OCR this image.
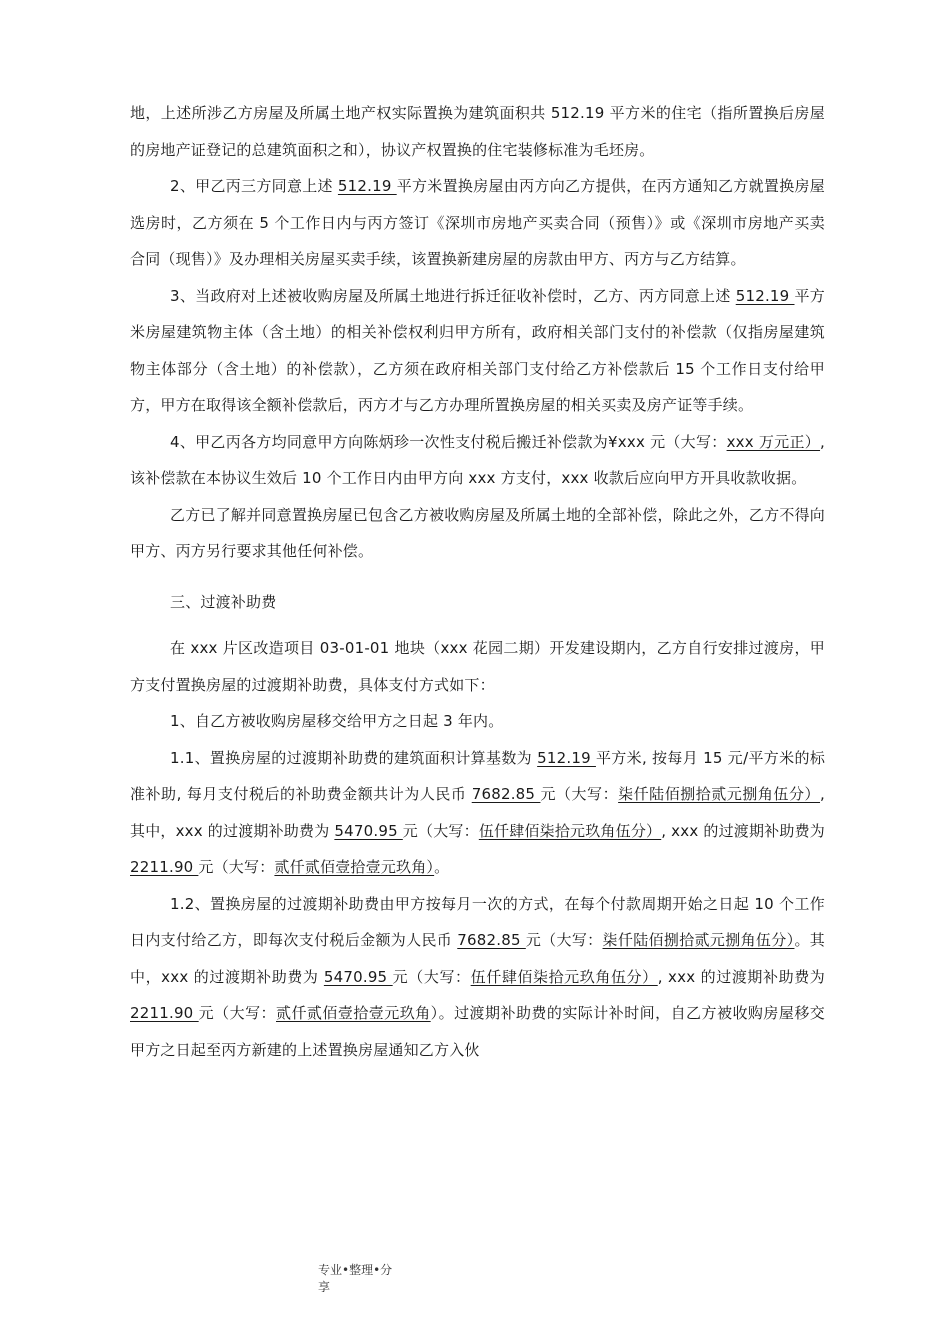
地，上述所涉乙方房屋及所属土地产权实际置换为建筑面积共 512.19 平方米的住宅（指所置换后房屋的房地产证登记的总建筑面积之和），协议产权置换的住宅装修标准为毛坯房。

2、甲乙丙三方同意上述 512.19 平方米置换房屋由丙方向乙方提供，在丙方通知乙方就置换房屋选房时，乙方须在 5 个工作日内与丙方签订《深圳市房地产买卖合同（预售）》或《深圳市房地产买卖合同（现售）》及办理相关房屋买卖手续，该置换新建房屋的房款由甲方、丙方与乙方结算。

3、当政府对上述被收购房屋及所属土地进行拆迁征收补偿时，乙方、丙方同意上述 512.19 平方米房屋建筑物主体（含土地）的相关补偿权利归甲方所有，政府相关部门支付的补偿款（仅指房屋建筑物主体部分（含土地）的补偿款），乙方须在政府相关部门支付给乙方补偿款后 15 个工作日支付给甲方，甲方在取得该全额补偿款后，丙方才与乙方办理所置换房屋的相关买卖及房产证等手续。

4、甲乙丙各方均同意甲方向陈炳珍一次性支付税后搬迁补偿款为¥xxx 元（大写：xxx 万元正）, 该补偿款在本协议生效后 10 个工作日内由甲方向 xxx 方支付，xxx 收款后应向甲方开具收款收据。

乙方已了解并同意置换房屋已包含乙方被收购房屋及所属土地的全部补偿，除此之外，乙方不得向甲方、丙方另行要求其他任何补偿。

三、过渡补助费

在 xxx 片区改造项目 03-01-01 地块（xxx 花园二期）开发建设期内，乙方自行安排过渡房，甲方支付置换房屋的过渡期补助费，具体支付方式如下：

1、自乙方被收购房屋移交给甲方之日起 3 年内。

1.1、置换房屋的过渡期补助费的建筑面积计算基数为 512.19 平方米, 按每月 15 元/平方米的标准补助, 每月支付税后的补助费金额共计为人民币 7682.85 元（大写：柒仟陆佰捌拾贰元捌角伍分）, 其中，xxx 的过渡期补助费为 5470.95 元（大写：伍仟肆佰柒拾元玖角伍分）, xxx 的过渡期补助费为 2211.90 元（大写：贰仟贰佰壹拾壹元玖角）。

1.2、置换房屋的过渡期补助费由甲方按每月一次的方式，在每个付款周期开始之日起 10 个工作日内支付给乙方，即每次支付税后金额为人民币 7682.85 元（大写：柒仟陆佰捌拾贰元捌角伍分）。其中，xxx 的过渡期补助费为 5470.95 元（大写：伍仟肆佰柒拾元玖角伍分）, xxx 的过渡期补助费为 2211.90 元（大写：贰仟贰佰壹拾壹元玖角）。过渡期补助费的实际计补时间，自乙方被收购房屋移交甲方之日起至丙方新建的上述置换房屋通知乙方入伙

专业•整理•分
享
